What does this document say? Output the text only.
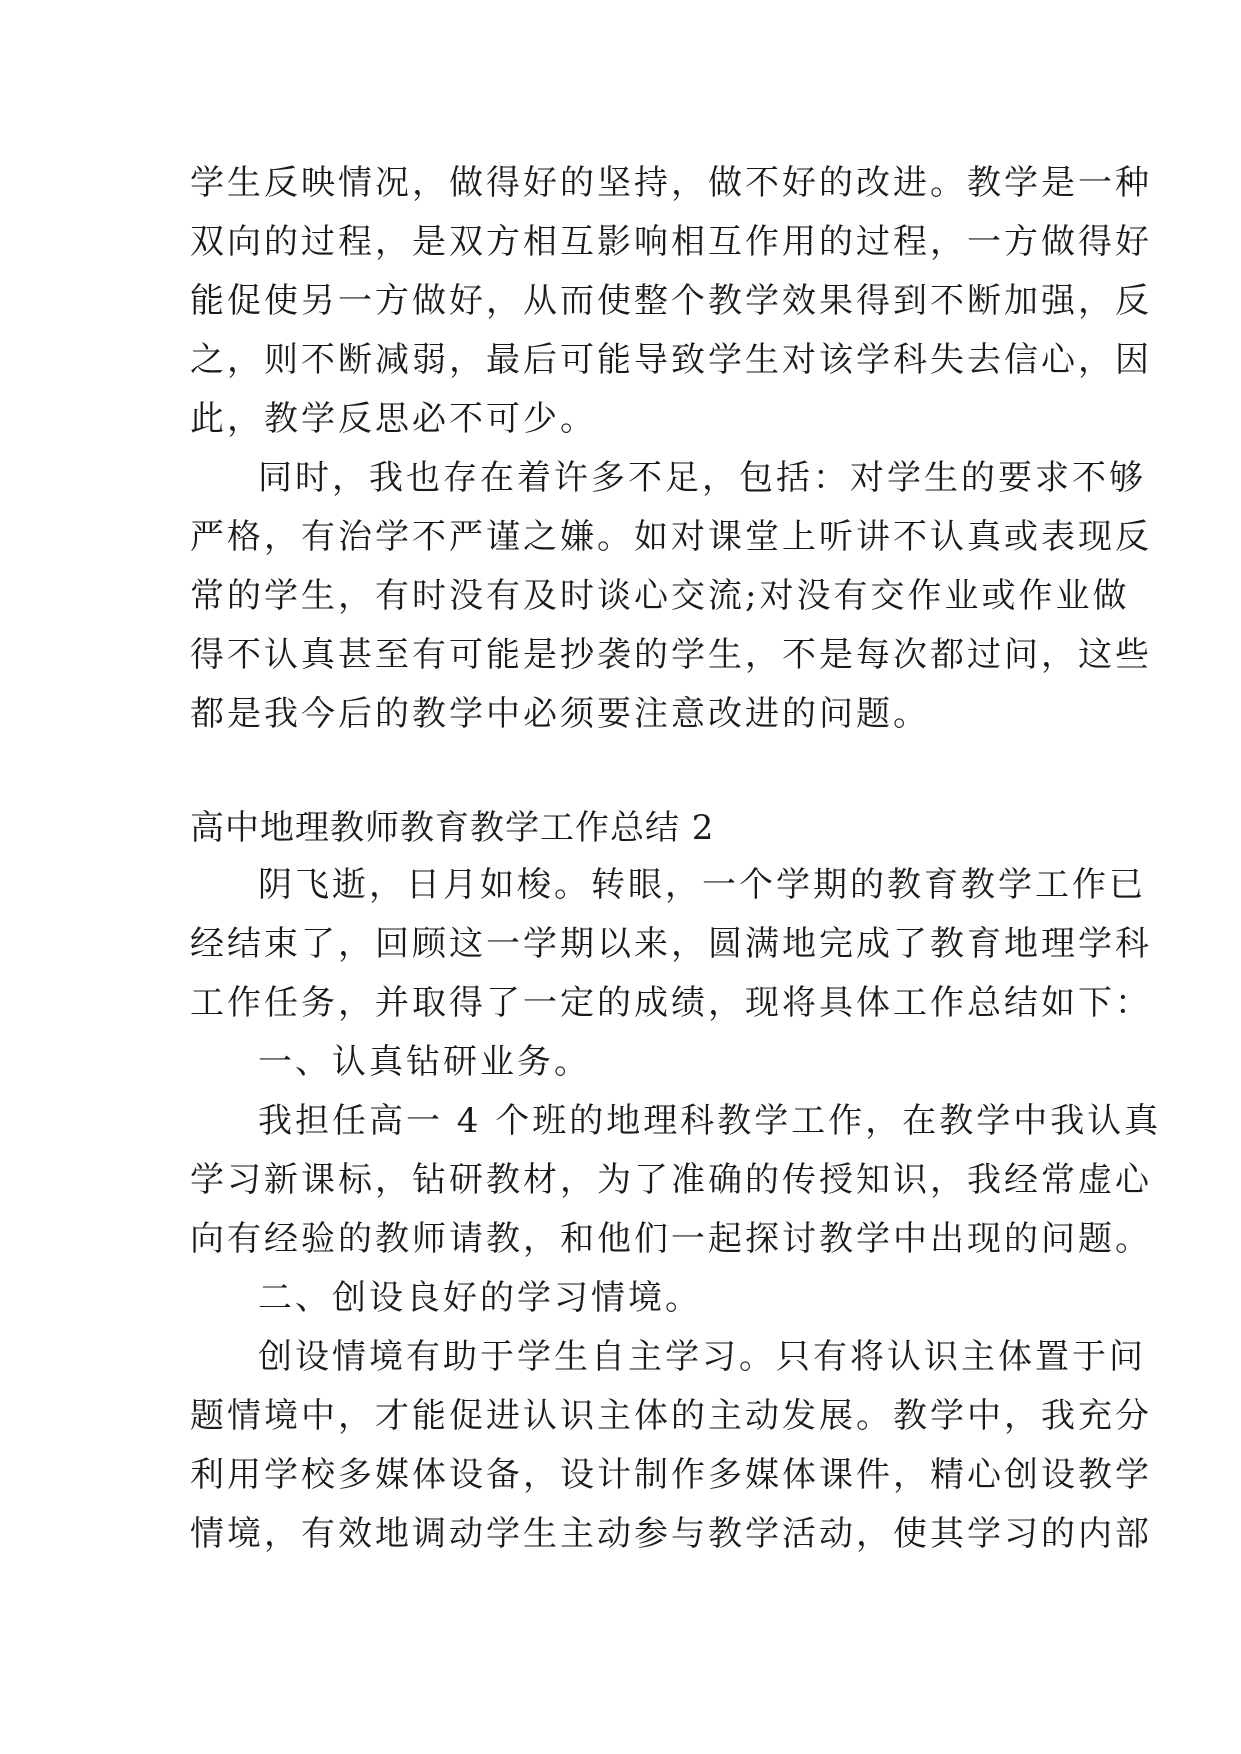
学生反映情况，做得好的坚持，做不好的改进。教学是一种
双向的过程，是双方相互影响相互作用的过程，一方做得好
能促使另一方做好，从而使整个教学效果得到不断加强，反
之，则不断减弱，最后可能导致学生对该学科失去信心，因
此，教学反思必不可少。
同时，我也存在着许多不足，包括：对学生的要求不够
严格，有治学不严谨之嫌。如对课堂上听讲不认真或表现反
常的学生，有时没有及时谈心交流;对没有交作业或作业做
得不认真甚至有可能是抄袭的学生，不是每次都过问，这些
都是我今后的教学中必须要注意改进的问题。
高中地理教师教育教学工作总结 2
阴飞逝，日月如梭。转眼，一个学期的教育教学工作已
经结束了，回顾这一学期以来，圆满地完成了教育地理学科
工作任务，并取得了一定的成绩，现将具体工作总结如下：
一、认真钻研业务。
我担任高一 4 个班的地理科教学工作，在教学中我认真
学习新课标，钻研教材，为了准确的传授知识，我经常虚心
向有经验的教师请教，和他们一起探讨教学中出现的问题。
二、创设良好的学习情境。
创设情境有助于学生自主学习。只有将认识主体置于问
题情境中，才能促进认识主体的主动发展。教学中，我充分
利用学校多媒体设备，设计制作多媒体课件，精心创设教学
情境，有效地调动学生主动参与教学活动，使其学习的内部
